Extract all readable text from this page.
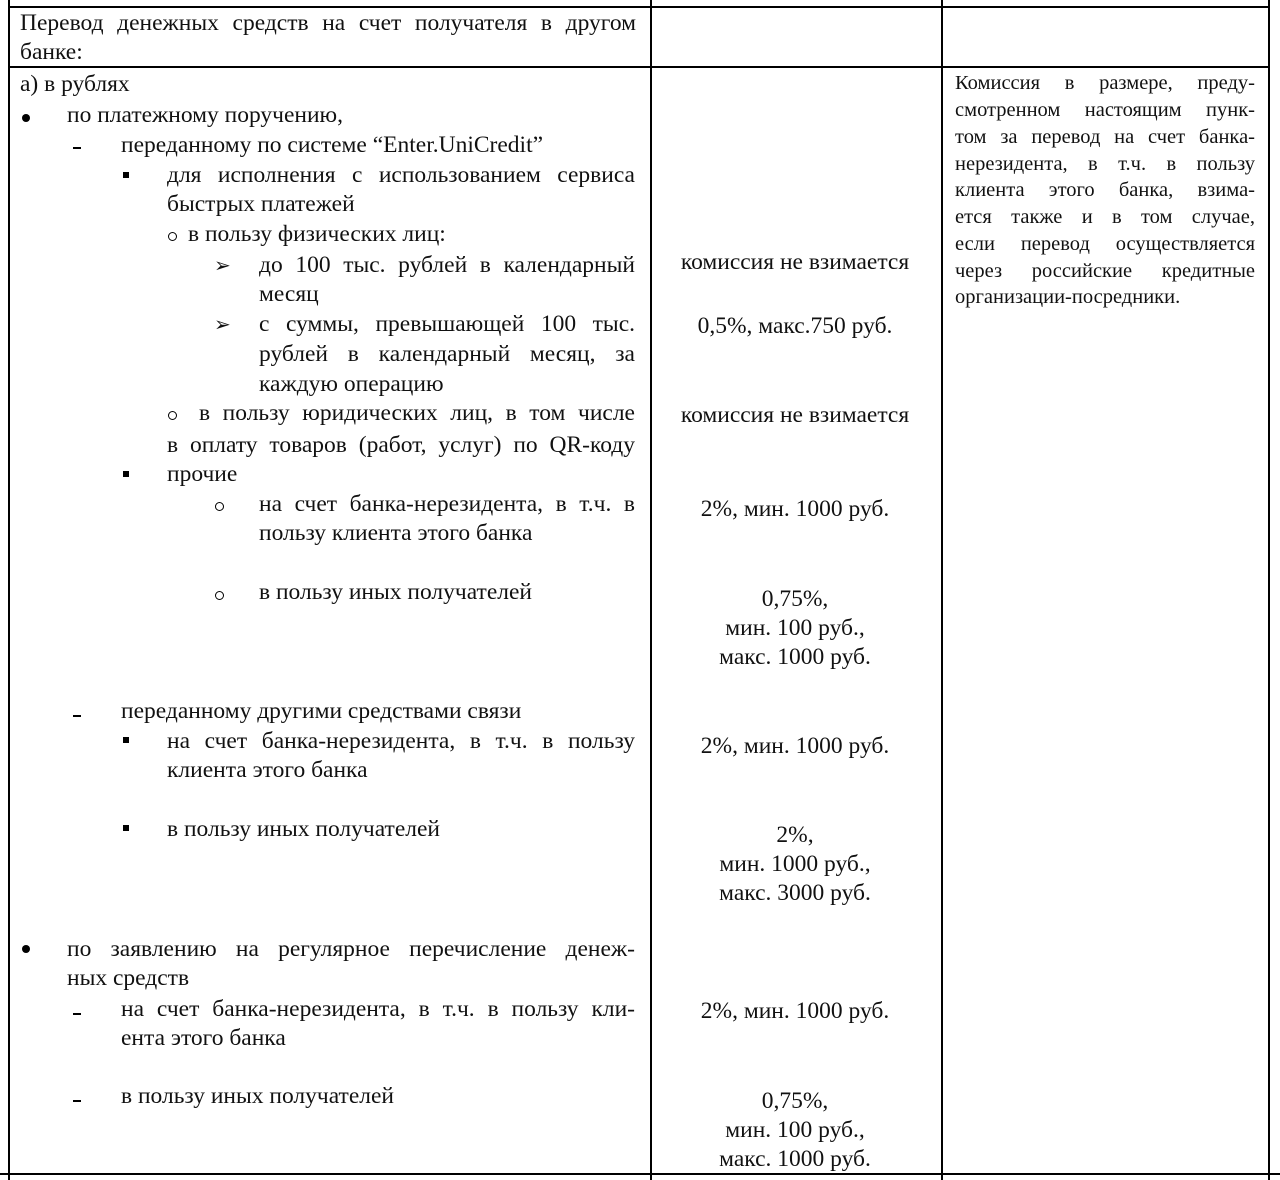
Перевод денежных средств на счет получателя в другом
банке:
а) в рублях
по платежному поручению,
переданному по системе “Enter.UniCredit”
для исполнения с использованием сервиса
быстрых платежей
в пользу физических лиц:
➢ до 100 тыс. рублей в календарный
месяц
➢ с суммы, превышающей 100 тыс.
рублей в календарный месяц, за
каждую операцию
в пользу юридических лиц, в том числе
в оплату товаров (работ, услуг) по QR-коду
прочие
на счет банка-нерезидента, в т.ч. в
пользу клиента этого банка
в пользу иных получателей
переданному другими средствами связи
на счет банка-нерезидента, в т.ч. в пользу
клиента этого банка
в пользу иных получателей
по заявлению на регулярное перечисление денеж-
ных средств
на счет банка-нерезидента, в т.ч. в пользу кли-
ента этого банка
в пользу иных получателей
комиссия не взимается
0,5%, макс.750 руб.
комиссия не взимается
2%, мин. 1000 руб.
0,75%,
мин. 100 руб.,
макс. 1000 руб.
2%, мин. 1000 руб.
2%,
мин. 1000 руб.,
макс. 3000 руб.
2%, мин. 1000 руб.
0,75%,
мин. 100 руб.,
макс. 1000 руб.
Комиссия в размере, преду-
смотренном настоящим пунк-
том за перевод на счет банка-
нерезидента, в т.ч. в пользу
клиента этого банка, взима-
ется также и в том случае,
если перевод осуществляется
через российские кредитные
организации-посредники.
